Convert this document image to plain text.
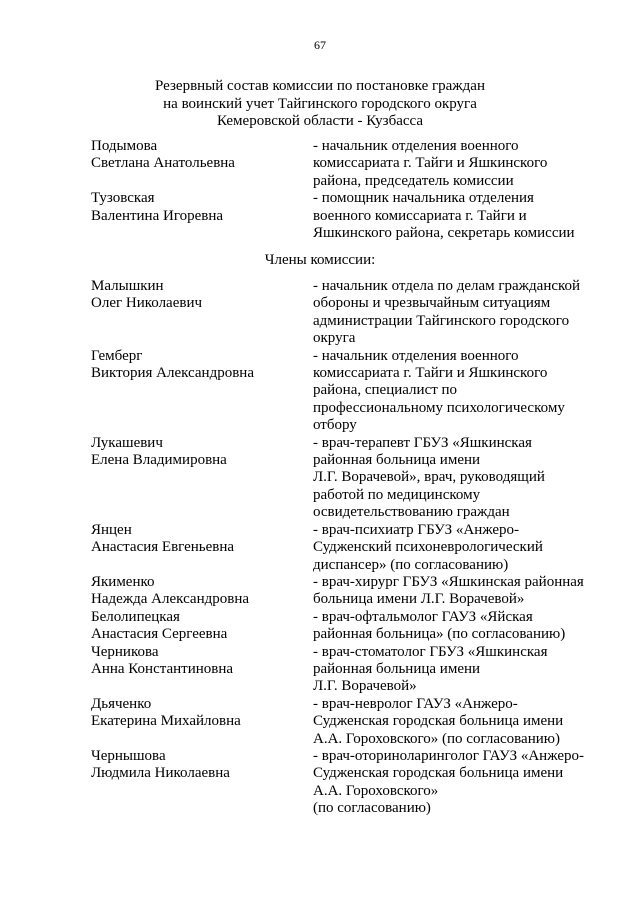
67
Резервный состав комиссии по постановке граждан
на воинский учет Тайгинского городского округа
Кемеровской области - Кузбасса
Подымова
Светлана Анатольевна
- начальник отделения военного
комиссариата г. Тайги и Яшкинского
района, председатель комиссии
Тузовская
Валентина Игоревна
- помощник начальника отделения
военного комиссариата г. Тайги и
Яшкинского района, секретарь комиссии
Члены комиссии:
Малышкин
Олег Николаевич
- начальник отдела по делам гражданской
обороны и чрезвычайным ситуациям
администрации Тайгинского городского
округа
Гемберг
Виктория Александровна
- начальник отделения военного
комиссариата г. Тайги и Яшкинского
района, специалист по
профессиональному психологическому
отбору
Лукашевич
Елена Владимировна
- врач-терапевт ГБУЗ «Яшкинская
районная больница имени
Л.Г. Ворачевой», врач, руководящий
работой по медицинскому
освидетельствованию граждан
Янцен
Анастасия Евгеньевна
- врач-психиатр ГБУЗ «Анжеро-
Судженский психоневрологический
диспансер» (по согласованию)
Якименко
Надежда Александровна
- врач-хирург ГБУЗ «Яшкинская районная
больница имени Л.Г. Ворачевой»
Белолипецкая
Анастасия Сергеевна
- врач-офтальмолог ГАУЗ «Яйская
районная больница» (по согласованию)
Черникова
Анна Константиновна
- врач-стоматолог ГБУЗ «Яшкинская
районная больница имени
Л.Г. Ворачевой»
Дьяченко
Екатерина Михайловна
- врач-невролог ГАУЗ «Анжеро-
Судженская городская больница имени
А.А. Гороховского» (по согласованию)
Чернышова
Людмила Николаевна
- врач-оториноларинголог ГАУЗ «Анжеро-
Судженская городская больница имени
А.А. Гороховского»
(по согласованию)
